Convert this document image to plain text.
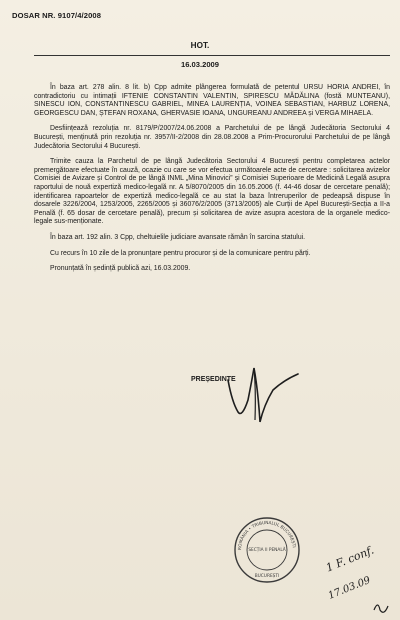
DOSAR NR. 9107/4/2008
HOT.
16.03.2009

În baza art. 278 alin. 8 lit. b) Cpp admite plângerea formulată de petentul URSU HORIA ANDREI, în contradictoriu cu intimații IFTENIE CONSTANTIN VALENTIN, SPIRESCU MĂDĂLINA (fostă MUNTEANU), SINESCU ION, CONSTANTINESCU GABRIEL, MINEA LAURENȚIA, VOINEA SEBASTIAN, HARBUZ LORENA, GEORGESCU DAN, ȘTEFAN ROXANA, GHERVASIE IOANA, UNGUREANU ANDREEA și VERGA MIHAELA.

Desființează rezoluția nr. 8179/P/2007/24.06.2008 a Parchetului de pe lângă Judecătoria Sectorului 4 București, menținută prin rezoluția nr. 3957/II-2/2008 din 28.08.2008 a Prim-Procurorului Parchetului de pe lângă Judecătoria Sectorului 4 București.

Trimite cauza la Parchetul de pe lângă Judecătoria Sectorului 4 București pentru completarea actelor premergătoare efectuate în cauză, ocazie cu care se vor efectua următoarele acte de cercetare : solicitarea avizelor Comisiei de Avizare și Control de pe lângă INML „Mina Minovici” și Comisiei Superioare de Medicină Legală asupra raportului de nouă expertiză medico-legală nr. A 5/8070/2005 din 16.05.2006 (f. 44-46 dosar de cercetare penală); identificarea rapoartelor de expertiză medico-legală ce au stat la baza întreruperilor de pedeapsă dispuse în dosarele 3226/2004, 1253/2005, 2265/2005 și 36076/2/2005 (3713/2005) ale Curții de Apel București-Secția a II-a Penală (f. 65 dosar de cercetare penală), precum și solicitarea de avize asupra acestora de la organele medico-legale sus-menționate.

În baza art. 192 alin. 3 Cpp, cheltuielile judiciare avansate rămân în sarcina statului.

Cu recurs în 10 zile de la pronunțare pentru procuror și de la comunicare pentru părți.

Pronunțată în ședință publică azi, 16.03.2009.

PREȘEDINTE
ROMÂNIA • TRIBUNALUL BUCUREȘTI
SECȚIA II PENALĂ
BUCUREȘTI
1 F. conf.
17.03.09
